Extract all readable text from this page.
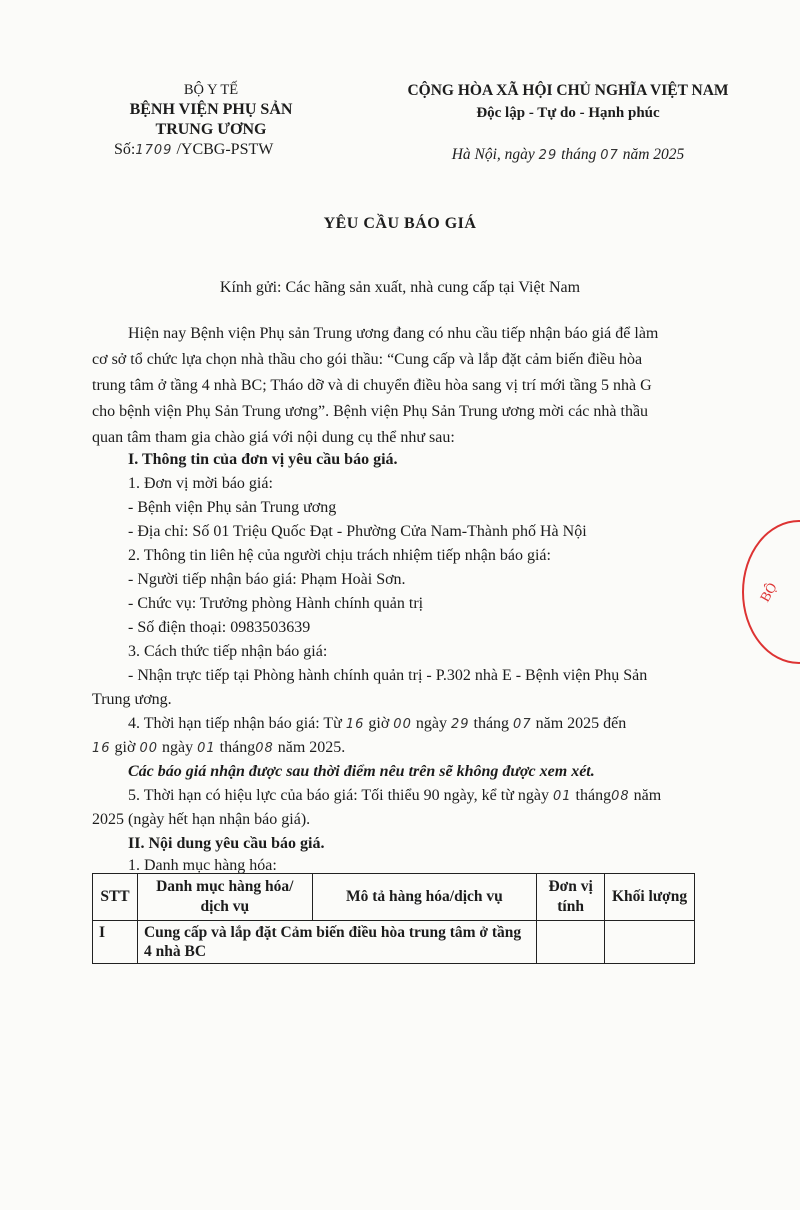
BỘ Y TẾ
BỆNH VIỆN PHỤ SẢN
TRUNG ƯƠNG
Số:1709 /YCBG-PSTW
CỘNG HÒA XÃ HỘI CHỦ NGHĨA VIỆT NAM
Độc lập - Tự do - Hạnh phúc
Hà Nội, ngày 29 tháng 07 năm 2025
YÊU CẦU BÁO GIÁ
Kính gửi: Các hãng sản xuất, nhà cung cấp tại Việt Nam
Hiện nay Bệnh viện Phụ sản Trung ương đang có nhu cầu tiếp nhận báo giá để làm
cơ sở tổ chức lựa chọn nhà thầu cho gói thầu: “Cung cấp và lắp đặt cảm biến điều hòa
trung tâm ở tầng 4 nhà BC; Tháo dỡ và di chuyển điều hòa sang vị trí mới tầng 5 nhà G
cho bệnh viện Phụ Sản Trung ương”. Bệnh viện Phụ Sản Trung ương mời các nhà thầu
quan tâm tham gia chào giá với nội dung cụ thể như sau:
I. Thông tin của đơn vị yêu cầu báo giá.
1. Đơn vị mời báo giá:
- Bệnh viện Phụ sản Trung ương
- Địa chỉ: Số 01 Triệu Quốc Đạt - Phường Cửa Nam-Thành phố Hà Nội
2. Thông tin liên hệ của người chịu trách nhiệm tiếp nhận báo giá:
- Người tiếp nhận báo giá: Phạm Hoài Sơn.
- Chức vụ: Trưởng phòng Hành chính quản trị
- Số điện thoại: 0983503639
3. Cách thức tiếp nhận báo giá:
- Nhận trực tiếp tại Phòng hành chính quản trị - P.302 nhà E - Bệnh viện Phụ Sản
Trung ương.
4. Thời hạn tiếp nhận báo giá: Từ 16 giờ 00 ngày 29 tháng 07 năm 2025 đến
16 giờ 00 ngày 01 tháng08 năm 2025.
Các báo giá nhận được sau thời điểm nêu trên sẽ không được xem xét.
5. Thời hạn có hiệu lực của báo giá: Tối thiểu 90 ngày, kể từ ngày 01 tháng08 năm
2025 (ngày hết hạn nhận báo giá).
II. Nội dung yêu cầu báo giá.
1. Danh mục hàng hóa:
STT	Danh mục hàng hóa/ dịch vụ	Mô tả hàng hóa/dịch vụ	Đơn vị tính	Khối lượng
I	Cung cấp và lắp đặt Cảm biến điều hòa trung tâm ở tầng 4 nhà BC			
BỘ
